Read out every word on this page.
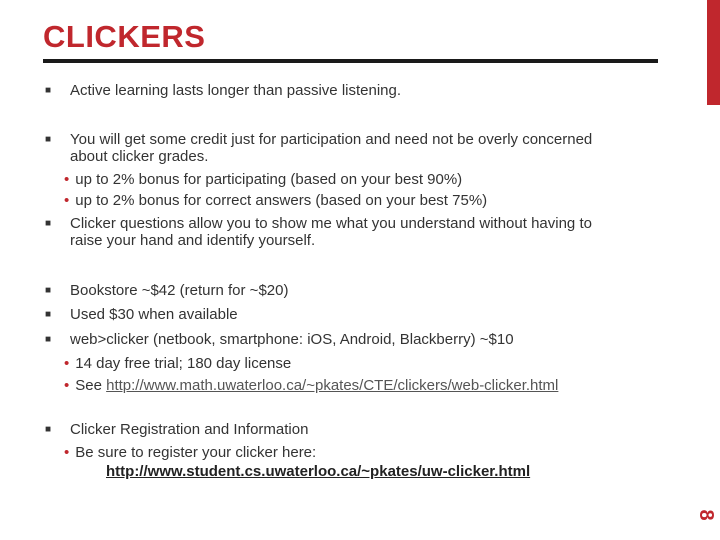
CLICKERS
■ Active learning lasts longer than passive listening.
■ You will get some credit just for participation and need not be overly concerned
about clicker grades.
• up to 2% bonus for participating (based on your best 90%)
• up to 2% bonus for correct answers (based on your best 75%)
■ Clicker questions allow you to show me what you understand without having to
raise your hand and identify yourself.
■ Bookstore ~$42 (return for ~$20)
■ Used $30 when available
■ web>clicker (netbook, smartphone: iOS, Android, Blackberry) ~$10
• 14 day free trial; 180 day license
• See http://www.math.uwaterloo.ca/~pkates/CTE/clickers/web-clicker.html
■ Clicker Registration and Information
• Be sure to register your clicker here:
http://www.student.cs.uwaterloo.ca/~pkates/uw-clicker.html
8
